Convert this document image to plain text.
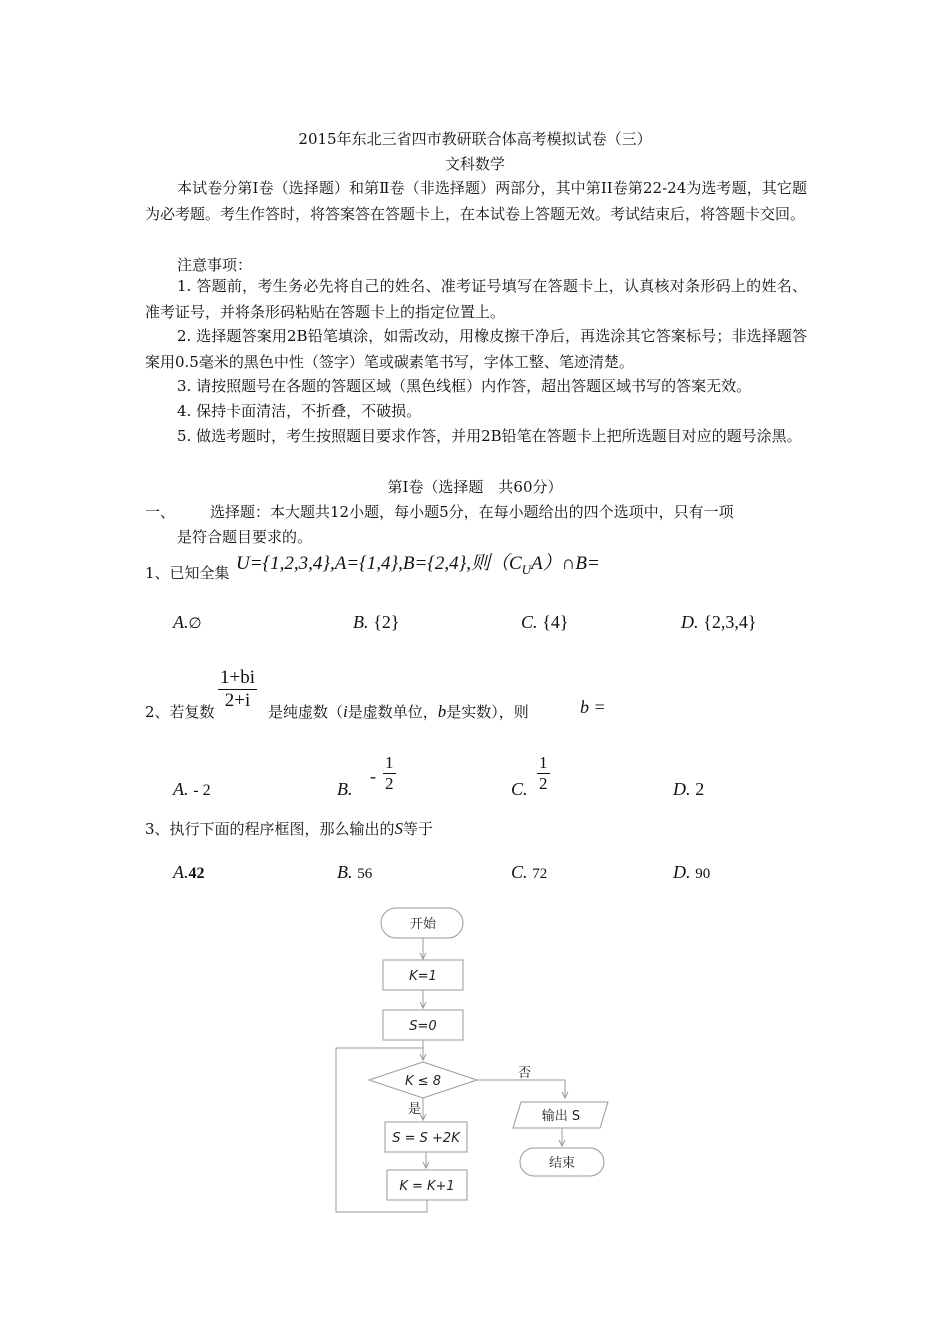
2015年东北三省四市教研联合体高考模拟试卷（三）
文科数学
本试卷分第Ⅰ卷（选择题）和第Ⅱ卷（非选择题）两部分，其中第II卷第22-24为选考题，其它题为必考题。考生作答时，将答案答在答题卡上，在本试卷上答题无效。考试结束后，将答题卡交回。
注意事项：
1. 答题前，考生务必先将自己的姓名、准考证号填写在答题卡上，认真核对条形码上的姓名、准考证号，并将条形码粘贴在答题卡上的指定位置上。
2. 选择题答案用2B铅笔填涂，如需改动，用橡皮擦干净后，再选涂其它答案标号；非选择题答案用0.5毫米的黑色中性（签字）笔或碳素笔书写，字体工整、笔迹清楚。
3. 请按照题号在各题的答题区域（黑色线框）内作答，超出答题区域书写的答案无效。
4. 保持卡面清洁，不折叠，不破损。
5. 做选考题时，考生按照题目要求作答，并用2B铅笔在答题卡上把所选题目对应的题号涂黑。
第Ⅰ卷（选择题　共60分）
一、 选择题：本大题共12小题，每小题5分，在每小题给出的四个选项中，只有一项
是符合题目要求的。
1、已知全集 U={1,2,3,4},A={1,4},B={2,4},则$(C_UA)\cap B=$
A.∅	B. {2}	C. {4}	D. {2,3,4}
2、若复数 $\frac{1+bi}{2+i}$ 是纯虚数（i是虚数单位，b是实数），则	b =
A. - 2	B.
- $\frac{1}{2}$	C. $\frac{1}{2}$	D. 2
3、执行下面的程序框图，那么输出的S等于
A.42	B. 56	C. 72	D. 90
开始
K=1
S=0
K ≤ 8
否
是
S = S +2K
K = K+1
输出 S
结束
